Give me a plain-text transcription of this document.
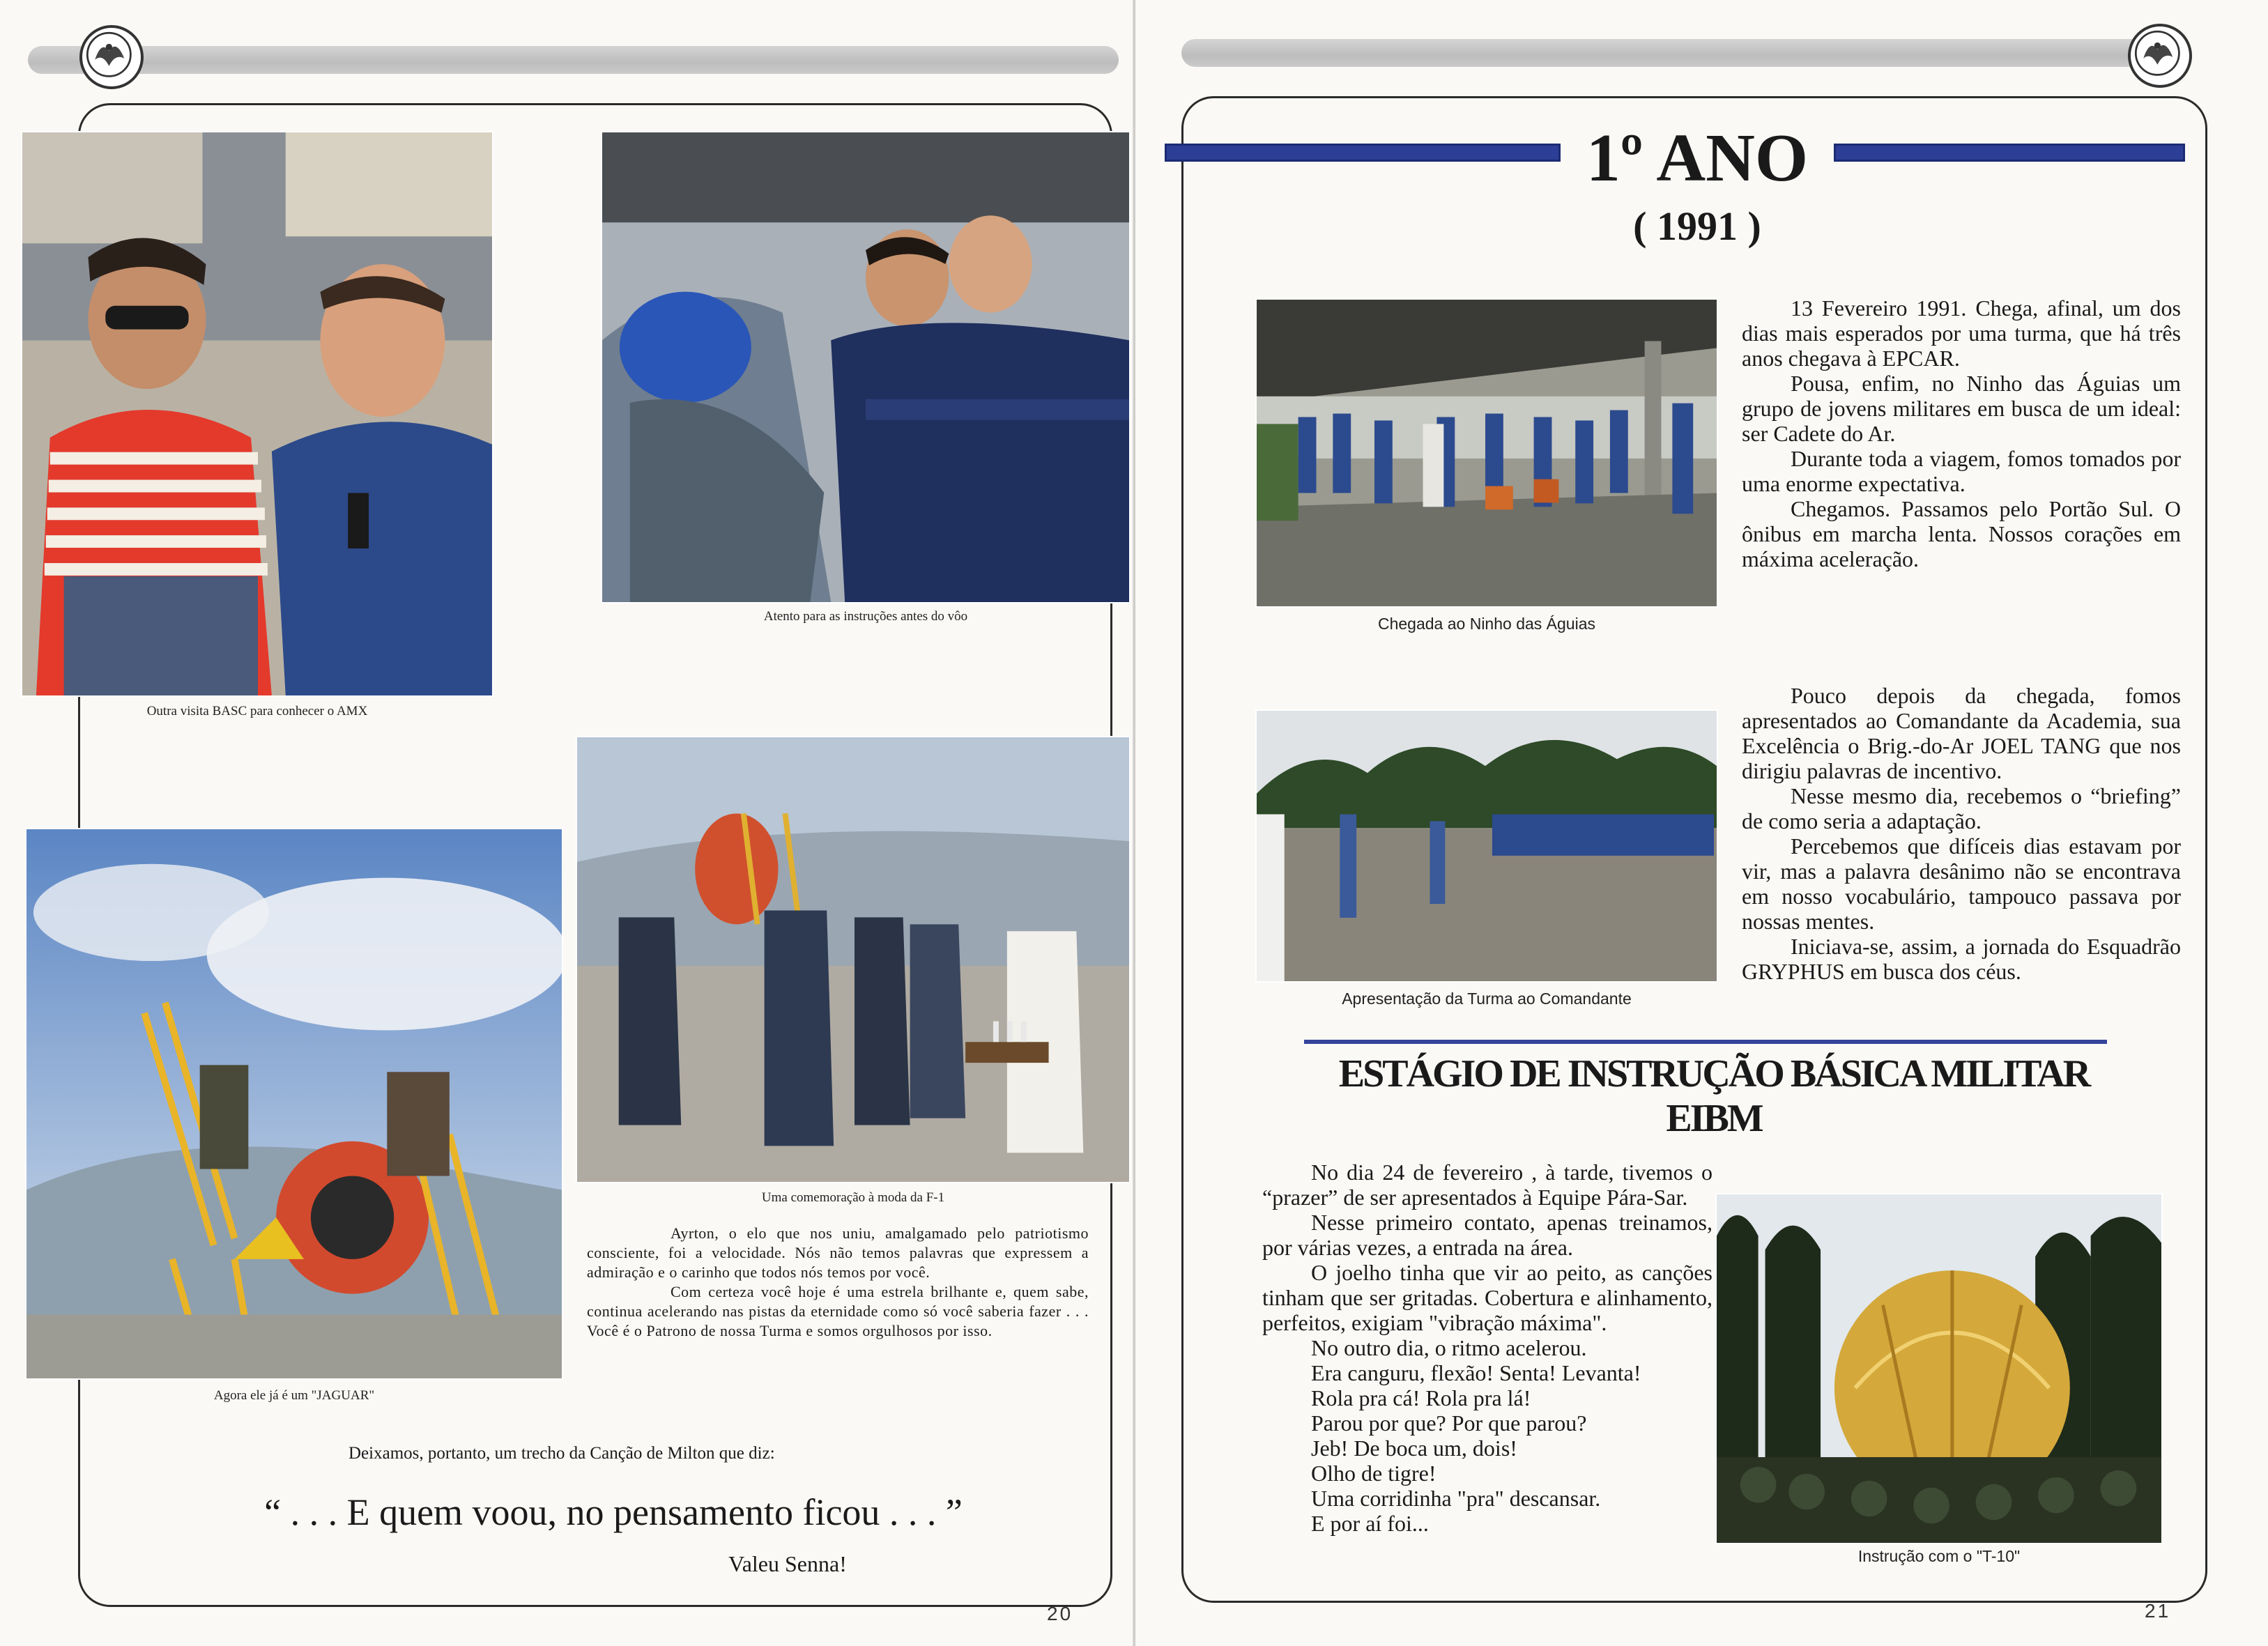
Outra visita BASC para conhecer o AMX
Atento para as instruções antes do vôo
Agora ele já é um "JAGUAR"
Uma comemoração à moda da F-1

Ayrton, o elo que nos uniu, amalgamado pelo patriotismo consciente, foi a velocidade. Nós não temos palavras que expressem a admiração e o carinho que todos nós temos por você.

Com certeza você hoje é uma estrela brilhante e, quem sabe, continua acelerando nas pistas da eternidade como só você saberia fazer . . . Você é o Patrono de nossa Turma e somos orgulhosos por isso.

Deixamos, portanto, um trecho da Canção de Milton que diz:
“ . . . E quem voou, no pensamento ficou . . . ”
Valeu Senna!
20
1º ANO
( 1991 )
Chegada ao Ninho das Águias

13 Fevereiro 1991. Chega, afinal, um dos dias mais esperados por uma turma, que há três anos chegava à EPCAR.

Pousa, enfim, no Ninho das Águias um grupo de jovens militares em busca de um ideal: ser Cadete do Ar.

Durante toda a viagem, fomos tomados por uma enorme expectativa.

Chegamos. Passamos pelo Portão Sul. O ônibus em marcha lenta. Nossos corações em máxima aceleração.

Apresentação da Turma ao Comandante

Pouco depois da chegada, fomos apresentados ao Comandante da Academia, sua Excelência o Brig.-do-Ar JOEL TANG que nos dirigiu palavras de incentivo.

Nesse mesmo dia, recebemos o “briefing” de como seria a adaptação.

Percebemos que difíceis dias estavam por vir, mas a palavra desânimo não se encontrava em nosso vocabulário, tampouco passava por nossas mentes.

Iniciava-se, assim, a jornada do Esquadrão GRYPHUS em busca dos céus.

ESTÁGIO DE INSTRUÇÃO BÁSICA MILITAR
EIBM

No dia 24 de fevereiro , à tarde, tivemos o “prazer” de ser apresentados à Equipe Pára-Sar.

Nesse primeiro contato, apenas treinamos, por várias vezes, a entrada na área.

O joelho tinha que vir ao peito, as canções tinham que ser gritadas. Cobertura e alinhamento, perfeitos, exigiam "vibração máxima".

No outro dia, o ritmo acelerou.

Era canguru, flexão! Senta! Levanta!

Rola pra cá! Rola pra lá!

Parou por que? Por que parou?

Jeb! De boca um, dois!

Olho de tigre!

Uma corridinha "pra" descansar.

E por aí foi...

Instrução com o "T-10"
21
